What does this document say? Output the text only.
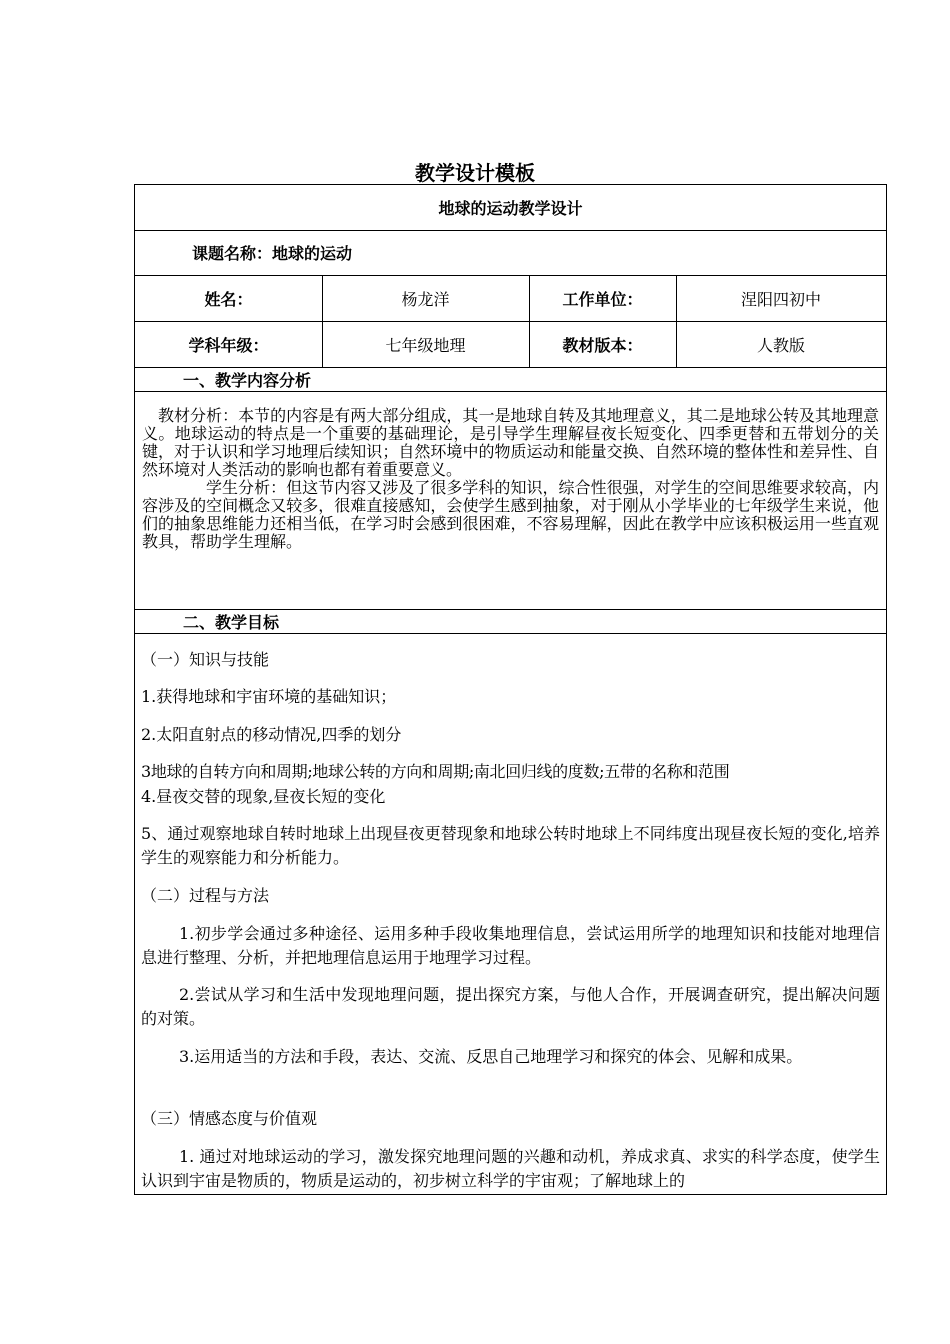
教学设计模板
地球的运动教学设计
课题名称：地球的运动
姓名：	杨龙洋	工作单位：	涅阳四初中
学科年级：	七年级地理	教材版本：	人教版
一、教学内容分析

教材分析：本节的内容是有两大部分组成，其一是地球自转及其地理意义，其二是地球公转及其地理意义。地球运动的特点是一个重要的基础理论，是引导学生理解昼夜长短变化、四季更替和五带划分的关键，对于认识和学习地理后续知识；自然环境中的物质运动和能量交换、自然环境的整体性和差异性、自然环境对人类活动的影响也都有着重要意义。

学生分析：但这节内容又涉及了很多学科的知识，综合性很强，对学生的空间思维要求较高，内容涉及的空间概念又较多，很难直接感知，会使学生感到抽象，对于刚从小学毕业的七年级学生来说，他们的抽象思维能力还相当低，在学习时会感到很困难，不容易理解，因此在教学中应该积极运用一些直观教具，帮助学生理解。

二、教学目标
（一）知识与技能
1.获得地球和宇宙环境的基础知识；
2.太阳直射点的移动情况,四季的划分
3地球的自转方向和周期;地球公转的方向和周期;南北回归线的度数;五带的名称和范围
4.昼夜交替的现象,昼夜长短的变化
5、通过观察地球自转时地球上出现昼夜更替现象和地球公转时地球上不同纬度出现昼夜长短的变化,培养学生的观察能力和分析能力。
（二）过程与方法
1.初步学会通过多种途径、运用多种手段收集地理信息，尝试运用所学的地理知识和技能对地理信息进行整理、分析，并把地理信息运用于地理学习过程。
2.尝试从学习和生活中发现地理问题，提出探究方案，与他人合作，开展调查研究，提出解决问题的对策。
3.运用适当的方法和手段，表达、交流、反思自己地理学习和探究的体会、见解和成果。
（三）情感态度与价值观
1. 通过对地球运动的学习，激发探究地理问题的兴趣和动机，养成求真、求实的科学态度，使学生认识到宇宙是物质的，物质是运动的，初步树立科学的宇宙观；了解地球上的
